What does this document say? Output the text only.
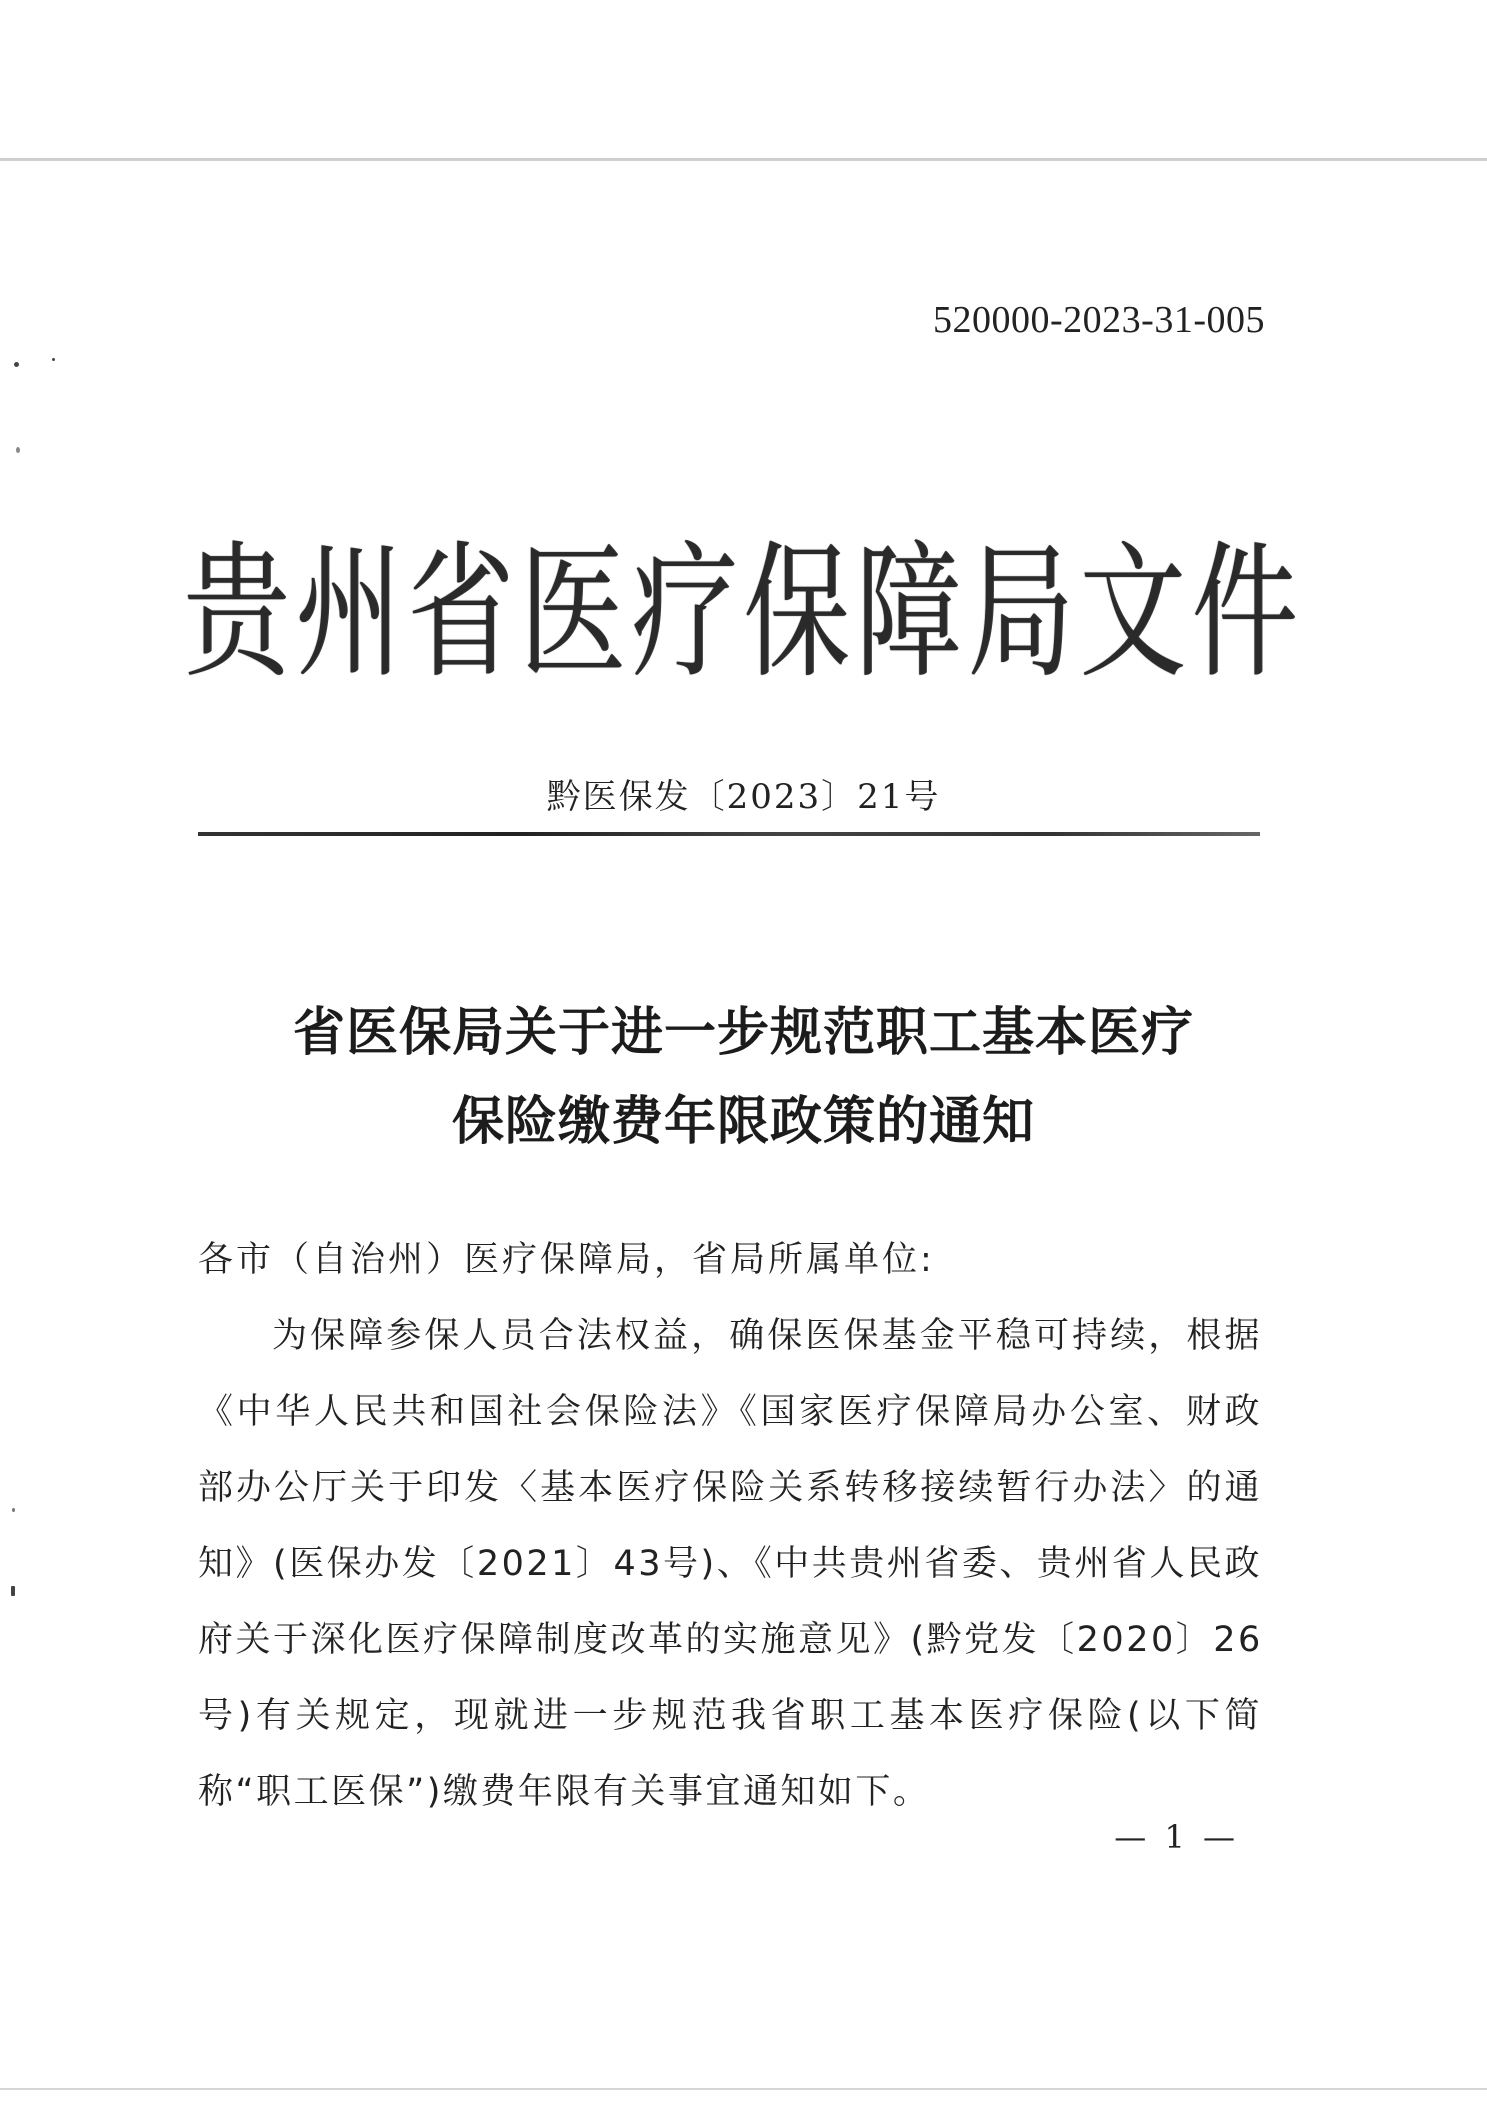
520000-2023-31-005
贵州省医疗保障局文件
黔医保发〔2023〕21号
省医保局关于进一步规范职工基本医疗
保险缴费年限政策的通知
各市（自治州）医疗保障局，省局所属单位:
为保障参保人员合法权益，确保医保基金平稳可持续，根据
《中华人民共和国社会保险法》《国家医疗保障局办公室、财政
部办公厅关于印发〈基本医疗保险关系转移接续暂行办法〉的通
知》(医保办发〔2021〕43号)、《中共贵州省委、贵州省人民政
府关于深化医疗保障制度改革的实施意见》(黔党发〔2020〕26
号)有关规定，现就进一步规范我省职工基本医疗保险(以下简
称“职工医保”)缴费年限有关事宜通知如下。
— 1 —
